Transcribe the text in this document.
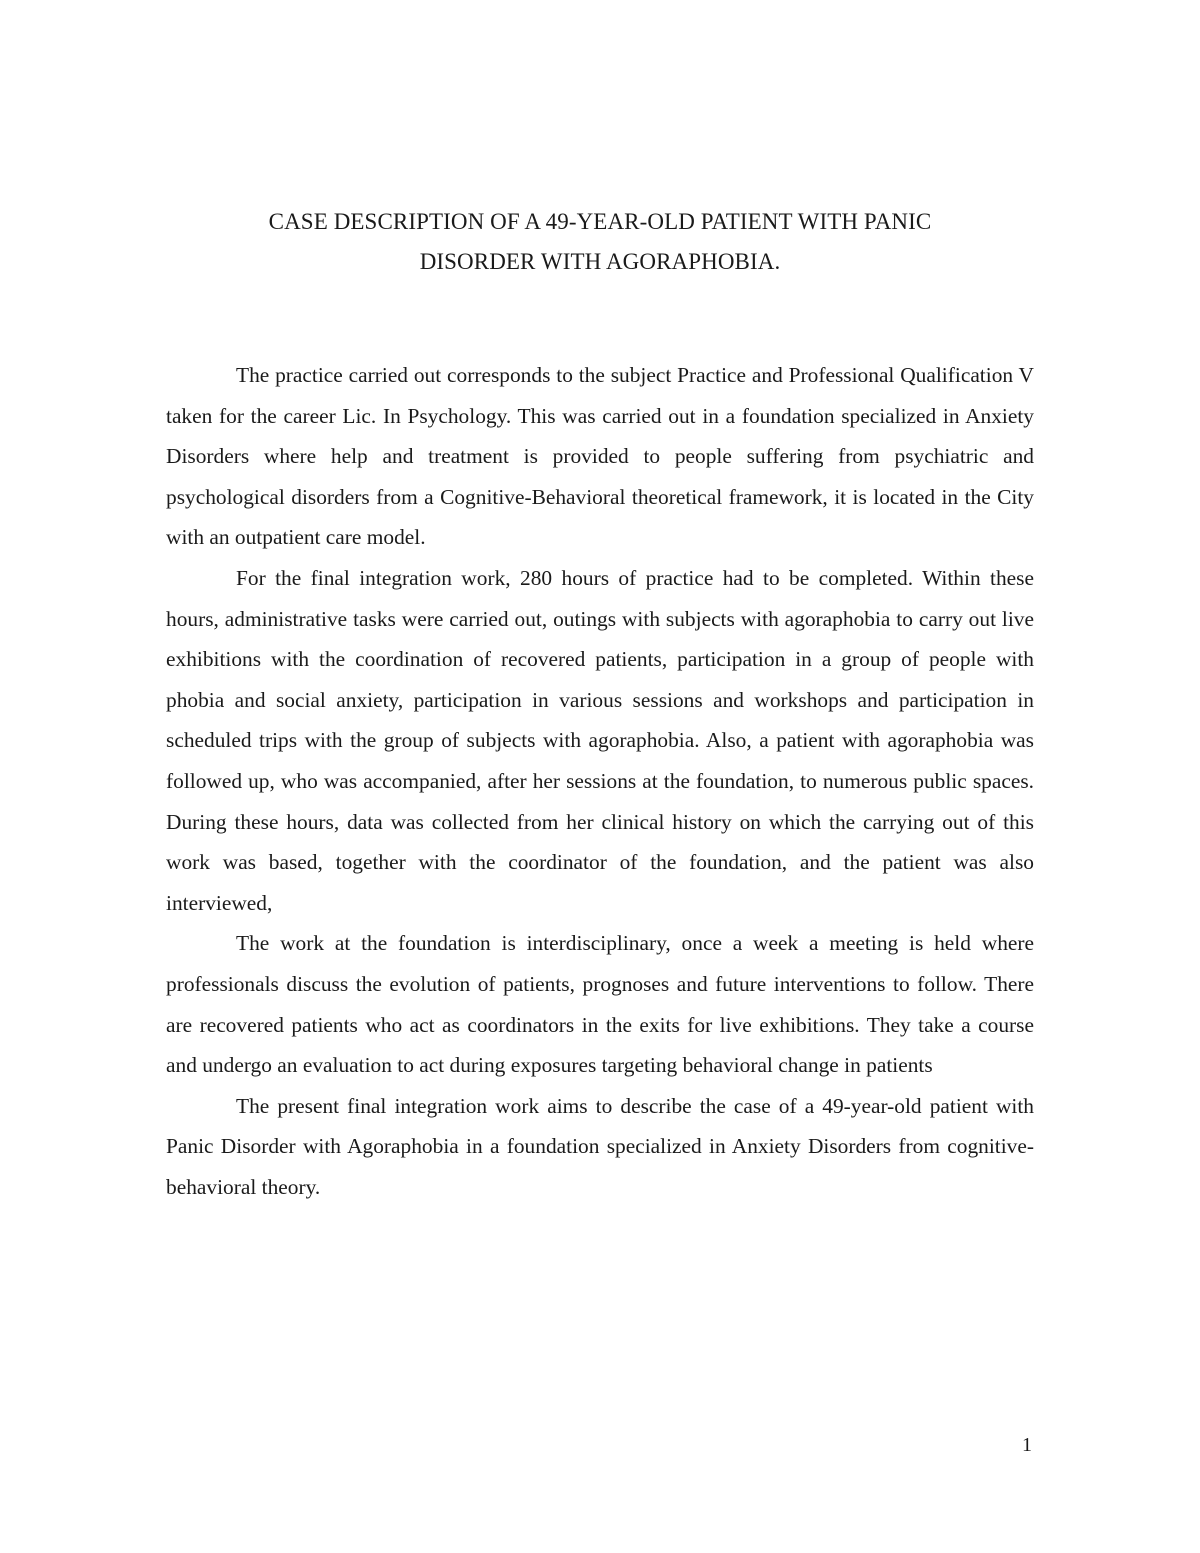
CASE DESCRIPTION OF A 49-YEAR-OLD PATIENT WITH PANIC
DISORDER WITH AGORAPHOBIA.

The practice carried out corresponds to the subject Practice and Professional Qualification V taken for the career Lic. In Psychology. This was carried out in a foundation specialized in Anxiety Disorders where help and treatment is provided to people suffering from psychiatric and psychological disorders from a Cognitive-Behavioral theoretical framework, it is located in the City with an outpatient care model.

For the final integration work, 280 hours of practice had to be completed. Within these hours, administrative tasks were carried out, outings with subjects with agoraphobia to carry out live exhibitions with the coordination of recovered patients, participation in a group of people with phobia and social anxiety, participation in various sessions and workshops and participation in scheduled trips with the group of subjects with agoraphobia. Also, a patient with agoraphobia was followed up, who was accompanied, after her sessions at the foundation, to numerous public spaces. During these hours, data was collected from her clinical history on which the carrying out of this work was based, together with the coordinator of the foundation, and the patient was also interviewed,

The work at the foundation is interdisciplinary, once a week a meeting is held where professionals discuss the evolution of patients, prognoses and future interventions to follow. There are recovered patients who act as coordinators in the exits for live exhibitions. They take a course and undergo an evaluation to act during exposures targeting behavioral change in patients

The present final integration work aims to describe the case of a 49-year-old patient with Panic Disorder with Agoraphobia in a foundation specialized in Anxiety Disorders from cognitive-behavioral theory.

1
